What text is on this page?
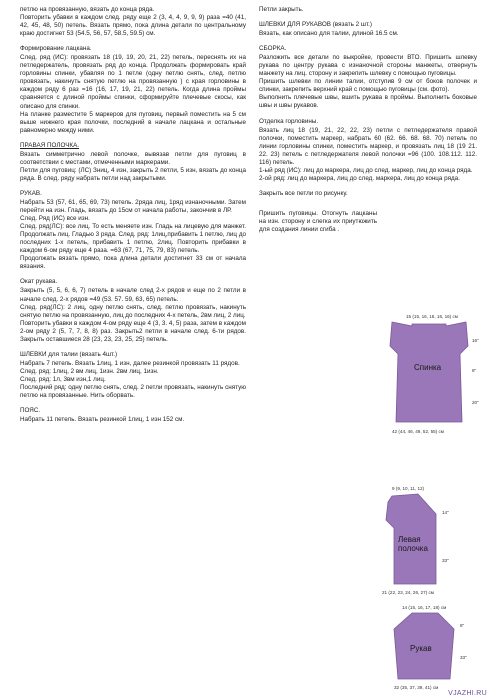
петлю на провязанную, вязать до конца ряда.
Повторить убавки в каждом след. ряду еще 2 (3, 4, 4, 9, 9, 9) раза =40 (41, 42, 45, 48, 50) петель. Вязать прямо, пока длина детали по центральному краю достигнет 53 (54.5, 56, 57, 58.5, 59.5) см.
Формирование лацкана.
След. ряд (ИС): провязать 18 (19, 19, 20, 21, 22) петель, переснять их на петледержатель, провязать ряд до конца. Продолжать формировать край горловины спинки, убавляя по 1 петле (одну петлю снять, след. петлю провязать, накинуть снятую петлю на провязанную ) с края горловины в каждом ряду 6 раз =16 (16, 17, 19, 21, 22) петель. Когда длина проймы сравняется с длиной проймы спинки, сформируйте плечевые скосы, как описано для спинки.
На планке разместите 5 маркеров для пуговиц, первый поместить на 5 см выше нижнего края полочки, последний в начале лацкана и остальные равномерно между ними.
ПРАВАЯ ПОЛОЧКА.
Вязать симметрично левой полочке, вывязав петли для пуговиц в соответствии с местами, отмеченными маркерами.
Петли для пуговиц: (ЛС) Зниц, 4 изн, закрыть 2 петли, 5 изн, вязать до конца ряда. В след. ряду набрать петли над закрытыми.
РУКАВ.
Набрать 53 (57, 61, 65, 69, 73) петель. 2ряда лиц, 1ряд изнаночными. Затем перейти на изн. Гладь, вязать до 15см от начала работы, закончив в ЛР.
След. Ряд (ИС) все изн.
След. ряд(ЛС): все лиц. То есть меняете изн. Гладь на лицевую для манжет. Продолжать лиц. Гладью 3 ряда. След. ряд: 1лиц,прибавить 1 петлю, лиц до последних 1-х петель, прибавить 1 петлю, 2лиц. Повторить прибавки в каждом 6-ом ряду еще 4 раза. =63 (67, 71, 75, 79, 83) петель.
Продолжать вязать прямо, пока длина детали достигнет 33 см от начала вязания.
Окат рукава.
Закрыть (5, 5, 6, 6, 7) петель в начале след 2-х рядов и еще по 2 петли в начале след. 2-х рядов =49 (53. 57. 59, 63, 65) петель.
След. ряд(ЛС): 2 лиц, одну петлю снять, след. петлю провязать, накинуть снятую петлю на провязанную, лиц до последних 4-х петель, 2вм лиц, 2 лиц.
Повторить убавки в каждом 4-ом ряду еще 4 (3, 3. 4, 5) раза, затем в каждом 2-ом ряду 2 (5, 7, 7, 8, 8) раз. Закрыть2 петли в начале след. 6-ти рядов. Закрыть оставшиеся 28 (23, 23, 23, 25, 25) петель.
ШЛЕВКИ для талии (вязать 4шт.)
Набрать 7 петель. Вязать 1лиц, 1 изн, далее резинкой провязать 11 рядов.
След. ряд: 1лиц, 2 вм лиц, 1изн. 2вм лиц, 1изн.
След. ряд: 1л, 3вм изн,1 лиц.
Последний ряд: одну петлю снять, след. 2 петли провязать, накинуть снятую петлю на провязанные. Нить оборвать.
ПОЯС.
Набрать 11 петель. Вязать резинкой 1лиц, 1 изн 152 см.
Петли закрыть.
ШЛЕВКИ ДЛЯ РУКАВОВ (вязать 2 шт.)
Вязать, как описано для талии, длиной 16.5 см.
СБОРКА.
Разложить все детали по выкройке, провести ВТО. Пришить шлевку рукава по центру рукава с изнаночной стороны манжеты, отвернуть манжету на лиц. сторону и закрепить шлевку с помощью пуговицы.
Пришить шлевки по линии талии, отступив 9 см от боков полочек и спинки, закрепить верхний край с помощью пуговицы (см. фото).
Выполнить плечевые швы, вшить рукава в проймы. Выполнить боковые швы и швы рукавов.
Отделка горловины.
Вязать лиц 18 (19, 21, 22, 22, 23) петли с петледержателя правой полочки, поместить маркер, набрать 60 (62. 66. 68. 68. 70) петель по линии горловины спинки, поместить маркер, и провязать лиц 18 (19 21. 22. 23) петель с петледержателя левой полочки =96 (100. 108.112. 112. 116) петель.
1-ый ряд (ИС): лиц до маркера, лиц до след. маркер, лиц до конца ряда.
2-ой ряд: лиц до маркера, лиц до след. маркера, лиц до конца ряда.
Закрыть все петли по рисунку.
Пришить пуговицы. Отогнуть лацканы на изн. сторону и слегка их приутюжить для создания линии сгиба .
15 (15, 16, 16, 16, 16) см
42 (44, 46, 49, 52, 55) см
16"
8"
20"
Спинка
9 (9, 10, 11, 12)
21 (22, 23, 24, 26, 27) см
14"
33"
Левая
полочка
14 (15, 16, 17, 18) см
32 (35, 37, 39, 41) см
8"
33"
Рукав
VJAZHI.RU
